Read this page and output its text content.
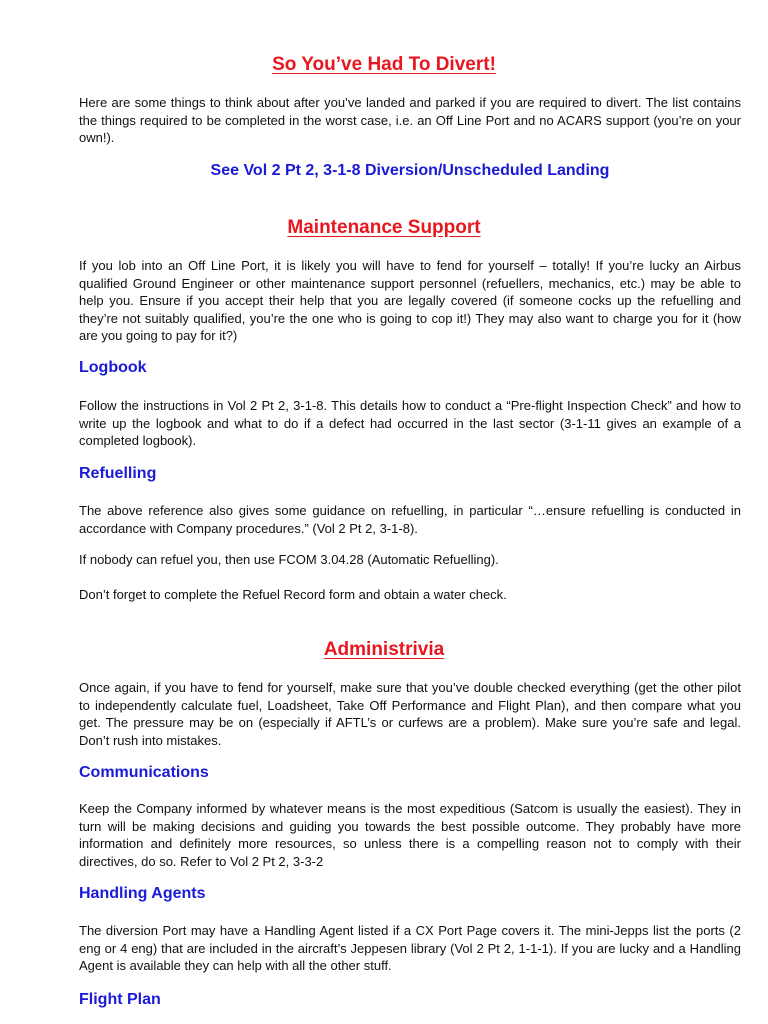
So You’ve Had To Divert!

Here are some things to think about after you’ve landed and parked if you are required to divert. The list contains the things required to be completed in the worst case, i.e. an Off Line Port and no ACARS support (you’re on your own!).

See Vol 2 Pt 2, 3-1-8 Diversion/Unscheduled Landing

Maintenance Support

If you lob into an Off Line Port, it is likely you will have to fend for yourself – totally! If you’re lucky an Airbus qualified Ground Engineer or other maintenance support personnel (refuellers, mechanics, etc.) may be able to help you. Ensure if you accept their help that you are legally covered (if someone cocks up the refuelling and they’re not suitably qualified, you’re the one who is going to cop it!) They may also want to charge you for it (how are you going to pay for it?)

Logbook

Follow the instructions in Vol 2 Pt 2, 3-1-8. This details how to conduct a “Pre-flight Inspection Check” and how to write up the logbook and what to do if a defect had occurred in the last sector (3-1-11 gives an example of a completed logbook).

Refuelling

The above reference also gives some guidance on refuelling, in particular “…ensure refuelling is conducted in accordance with Company procedures.” (Vol 2 Pt 2, 3-1-8).

If nobody can refuel you, then use FCOM 3.04.28 (Automatic Refuelling).

Don’t forget to complete the Refuel Record form and obtain a water check.

Administrivia

Once again, if you have to fend for yourself, make sure that you’ve double checked everything (get the other pilot to independently calculate fuel, Loadsheet, Take Off Performance and Flight Plan), and then compare what you get. The pressure may be on (especially if AFTL’s or curfews are a problem). Make sure you’re safe and legal. Don’t rush into mistakes.

Communications

Keep the Company informed by whatever means is the most expeditious (Satcom is usually the easiest). They in turn will be making decisions and guiding you towards the best possible outcome. They probably have more information and definitely more resources, so unless there is a compelling reason not to comply with their directives, do so. Refer to Vol 2 Pt 2, 3-3-2

Handling Agents

The diversion Port may have a Handling Agent listed if a CX Port Page covers it. The mini-Jepps list the ports (2 eng or 4 eng) that are included in the aircraft’s Jeppesen library (Vol 2 Pt 2, 1-1-1). If you are lucky and a Handling Agent is available they can help with all the other stuff.

Flight Plan
